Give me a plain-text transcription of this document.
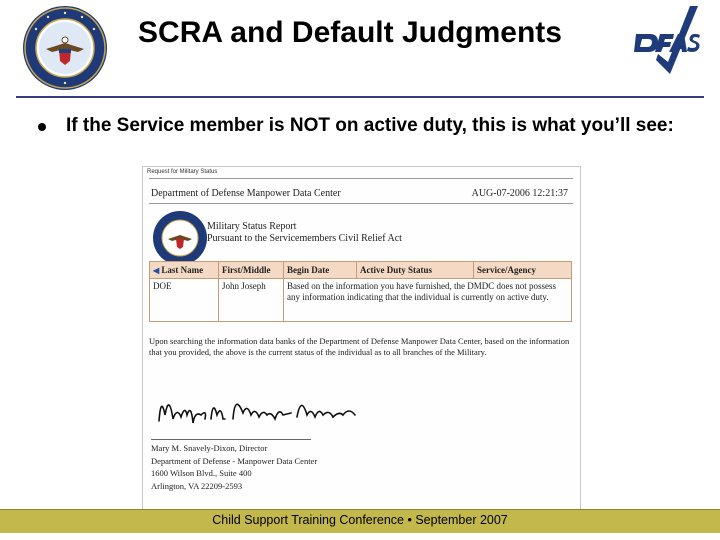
SCRA and Default Judgments
If the Service member is NOT on active duty, this is what you’ll see:
Request for Military Status
Department of Defense Manpower Data Center	AUG-07-2006 12:21:37
Military Status Report
Pursuant to the Servicemembers Civil Relief Act
◀ Last Name	First/Middle	Begin Date	Active Duty Status	Service/Agency
DOE	John Joseph	Based on the information you have furnished, the DMDC does not possess any information indicating that the individual is currently on active duty.		
Upon searching the information data banks of the Department of Defense Manpower Data Center, based on the information that you provided, the above is the current status of the individual as to all branches of the Military.
Mary M. Snavely-Dixon, Director
Department of Defense - Manpower Data Center
1600 Wilson Blvd., Suite 400
Arlington, VA 22209-2593
Child Support Training Conference • September 2007
